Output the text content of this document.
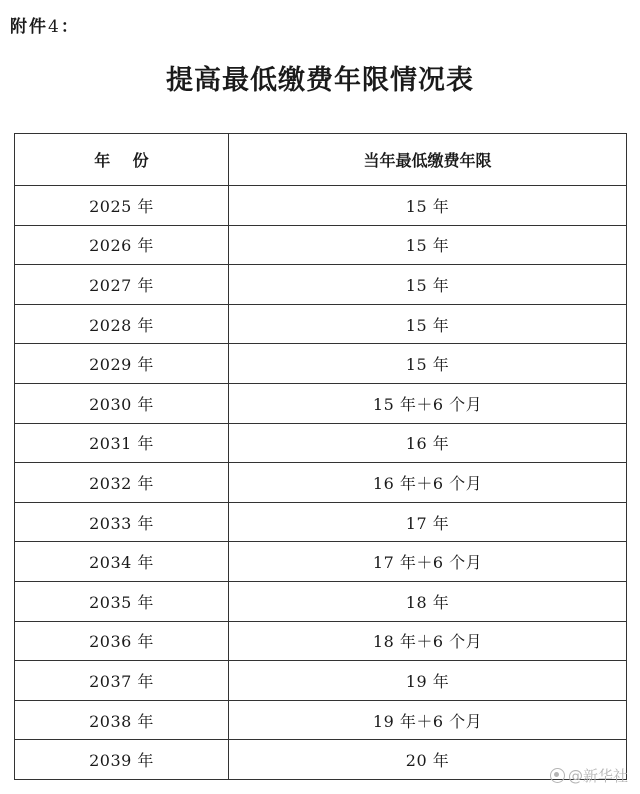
附件4：
提高最低缴费年限情况表
年份	当年最低缴费年限
2025 年	15 年
2026 年	15 年
2027 年	15 年
2028 年	15 年
2029 年	15 年
2030 年	15 年＋6 个月
2031 年	16 年
2032 年	16 年＋6 个月
2033 年	17 年
2034 年	17 年＋6 个月
2035 年	18 年
2036 年	18 年＋6 个月
2037 年	19 年
2038 年	19 年＋6 个月
2039 年	20 年
@新华社
